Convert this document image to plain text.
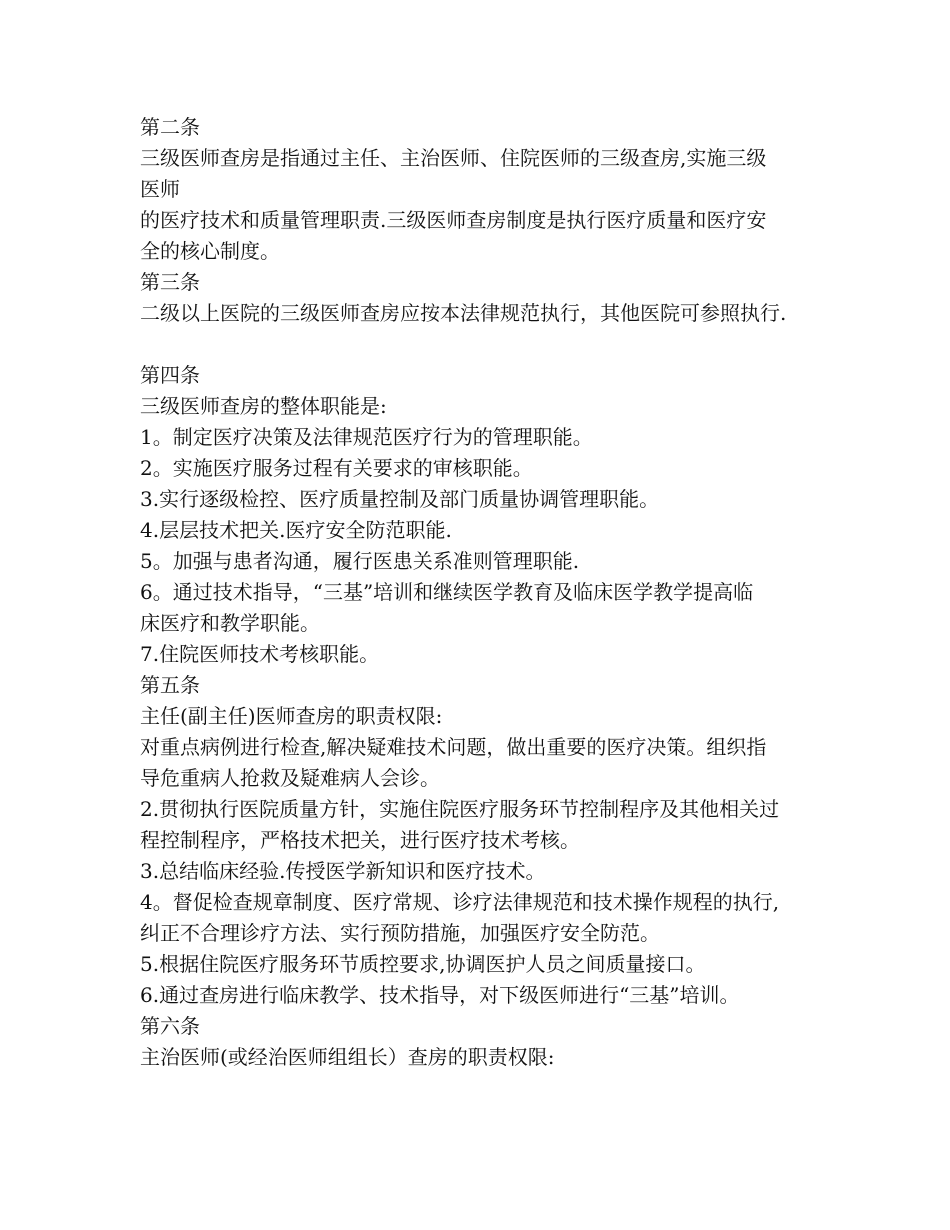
第二条
三级医师查房是指通过主任、主治医师、住院医师的三级查房,实施三级
医师
的医疗技术和质量管理职责.三级医师查房制度是执行医疗质量和医疗安
全的核心制度。
第三条
二级以上医院的三级医师查房应按本法律规范执行，其他医院可参照执行.
第四条
三级医师查房的整体职能是:
1。制定医疗决策及法律规范医疗行为的管理职能。
2。实施医疗服务过程有关要求的审核职能。
3.实行逐级检控、医疗质量控制及部门质量协调管理职能。
4.层层技术把关.医疗安全防范职能.
5。加强与患者沟通，履行医患关系准则管理职能.
6。通过技术指导，“三基”培训和继续医学教育及临床医学教学提高临
床医疗和教学职能。
7.住院医师技术考核职能。
第五条
主任(副主任)医师查房的职责权限:
对重点病例进行检查,解决疑难技术问题，做出重要的医疗决策。组织指
导危重病人抢救及疑难病人会诊。
2.贯彻执行医院质量方针，实施住院医疗服务环节控制程序及其他相关过
程控制程序，严格技术把关，进行医疗技术考核。
3.总结临床经验.传授医学新知识和医疗技术。
4。督促检查规章制度、医疗常规、诊疗法律规范和技术操作规程的执行,
纠正不合理诊疗方法、实行预防措施，加强医疗安全防范。
5.根据住院医疗服务环节质控要求,协调医护人员之间质量接口。
6.通过查房进行临床教学、技术指导，对下级医师进行“三基”培训。
第六条
主治医师(或经治医师组组长）查房的职责权限:
